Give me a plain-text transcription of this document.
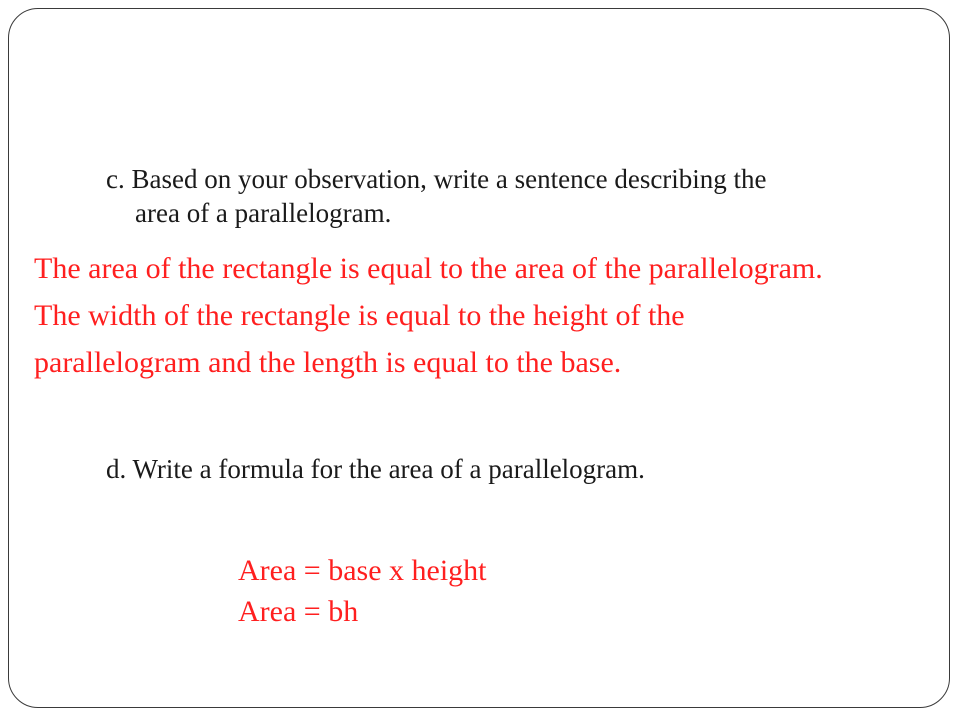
c. Based on your observation, write a sentence describing the
area of a parallelogram.
The area of the rectangle is equal to the area of the parallelogram.
The width of the rectangle is equal to the height of the
parallelogram and the length is equal to the base.
d. Write a formula for the area of a parallelogram.
Area = base x height
Area = bh
